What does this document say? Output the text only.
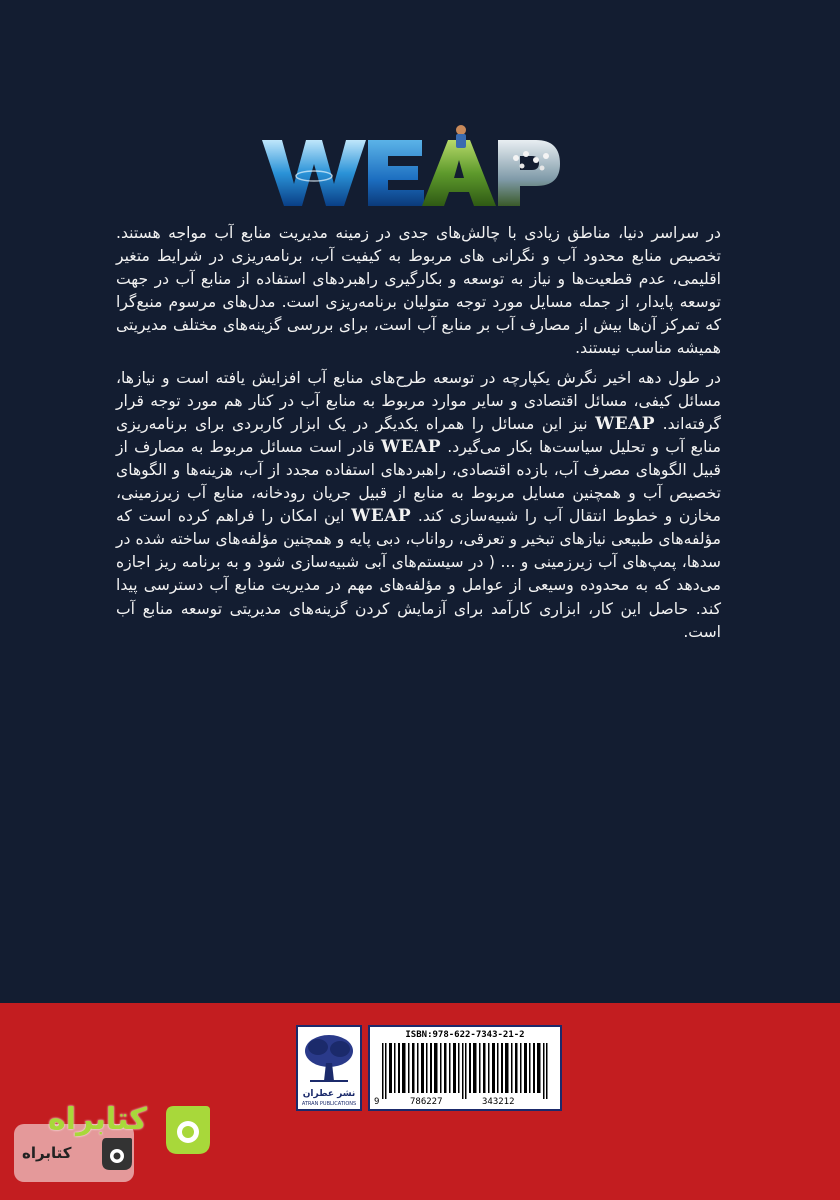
در سراسر دنیا، مناطق زیادی با چالش‌های جدی در زمینه مدیریت منابع آب مواجه هستند. تخصیص منابع محدود آب و نگرانی های مربوط به کیفیت آب، برنامه‌ریزی در شرایط متغیر اقلیمی، عدم قطعیت‌ها و نیاز به توسعه و بکارگیری راهبردهای استفاده از منابع آب در جهت توسعه پایدار، از جمله مسایل مورد توجه متولیان برنامه‌ریزی است. مدل‌های مرسوم منبع‌گرا که تمرکز آن‌ها بیش از مصارف آب بر منابع آب است، برای بررسی گزینه‌های مختلف مدیریتی همیشه مناسب نیستند.

در طول دهه اخیر نگرش یکپارچه در توسعه طرح‌های منابع آب افزایش یافته است و نیازها، مسائل کیفی، مسائل اقتصادی و سایر موارد مربوط به منابع آب در کنار هم مورد توجه قرار گرفته‌اند. WEAP نیز این مسائل را همراه یکدیگر در یک ابزار کاربردی برای برنامه‌ریزی منابع آب و تحلیل سیاست‌ها بکار می‌گیرد. WEAP قادر است مسائل مربوط به مصارف از قبیل الگوهای مصرف آب، بازده اقتصادی، راهبردهای استفاده مجدد از آب، هزینه‌ها و الگوهای تخصیص آب و همچنین مسایل مربوط به منابع از قبیل جریان رودخانه، منابع آب زیرزمینی، مخازن و خطوط انتقال آب را شبیه‌سازی کند. WEAP این امکان را فراهم کرده است که مؤلفه‌های طبیعی نیازهای تبخیر و تعرقی، رواناب، دبی پایه و همچنین مؤلفه‌های ساخته شده در سدها، پمپ‌های آب زیرزمینی و ... ( در سیستم‌های آبی شبیه‌سازی شود و به برنامه ریز اجازه می‌دهد که به محدوده وسیعی از عوامل و مؤلفه‌های مهم در مدیریت منابع آب دسترسی پیدا کند. حاصل این کار، ابزاری کارآمد برای آزمایش کردن گزینه‌های مدیریتی توسعه منابع آب است.

نشر عطران
ATRAN PUBLICATIONS
ISBN:978-622-7343-21-2
9	786227	343212
کتابراه
کتابراه
